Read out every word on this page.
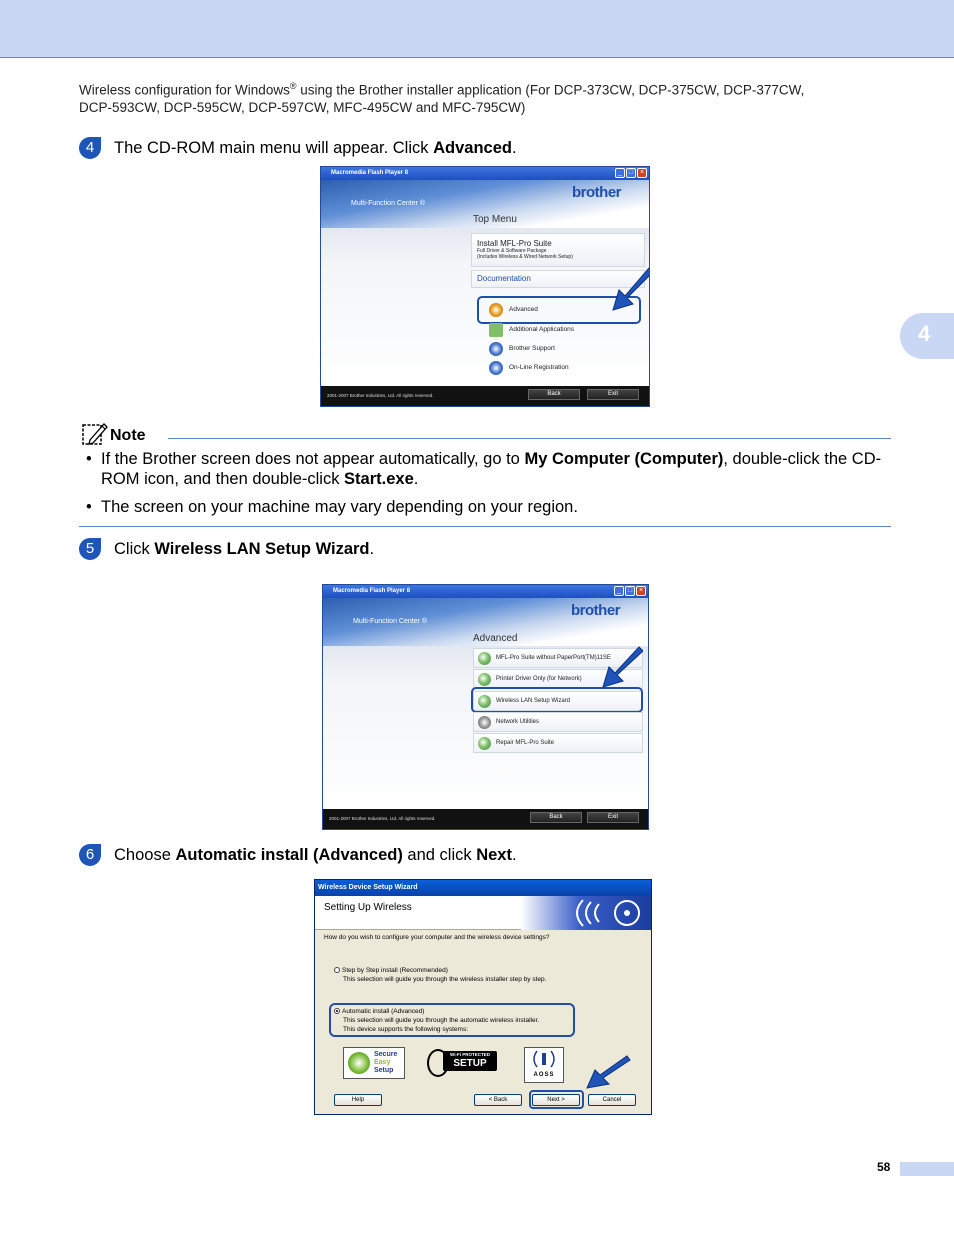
Wireless configuration for Windows® using the Brother installer application (For DCP-373CW, DCP-375CW, DCP-377CW,
DCP-593CW, DCP-595CW, DCP-597CW, MFC-495CW and MFC-795CW)
4
4	The CD-ROM main menu will appear. Click Advanced.
Macromedia Flash Player 8	_ □ ×
brother
Multi-Function Center ®
Top Menu
Install MFL-Pro Suite
Full Driver & Software Package
(Includes Wireless & Wired Network Setup)
Documentation
Advanced
Additional Applications
Brother Support
On-Line Registration
2001-2007 Brother Industries, Ltd. All rights reserved.	Back	Exit
Note
• If the Brother screen does not appear automatically, go to My Computer (Computer), double-click the CD-ROM icon, and then double-click Start.exe.
• The screen on your machine may vary depending on your region.
5	Click Wireless LAN Setup Wizard.
Macromedia Flash Player 8	_ □ ×
brother
Multi-Function Center ®
Advanced
MFL-Pro Suite without PaperPort(TM)11SE
Printer Driver Only (for Network)
Wireless LAN Setup Wizard
Network Utilities
Repair MFL-Pro Suite
2001-2007 Brother Industries, Ltd. All rights reserved.	Back	Exit
6	Choose Automatic install (Advanced) and click Next.
Wireless Device Setup Wizard
Setting Up Wireless
How do you wish to configure your computer and the wireless device settings?
Step by Step install (Recommended)
This selection will guide you through the wireless installer step by step.
Automatic install (Advanced)
This selection will guide you through the automatic wireless installer.
This device supports the following systems:
Secure
Easy
Setup
Wi-Fi PROTECTED
SETUP
AOSS
Help	< Back	Next >	Cancel
58
